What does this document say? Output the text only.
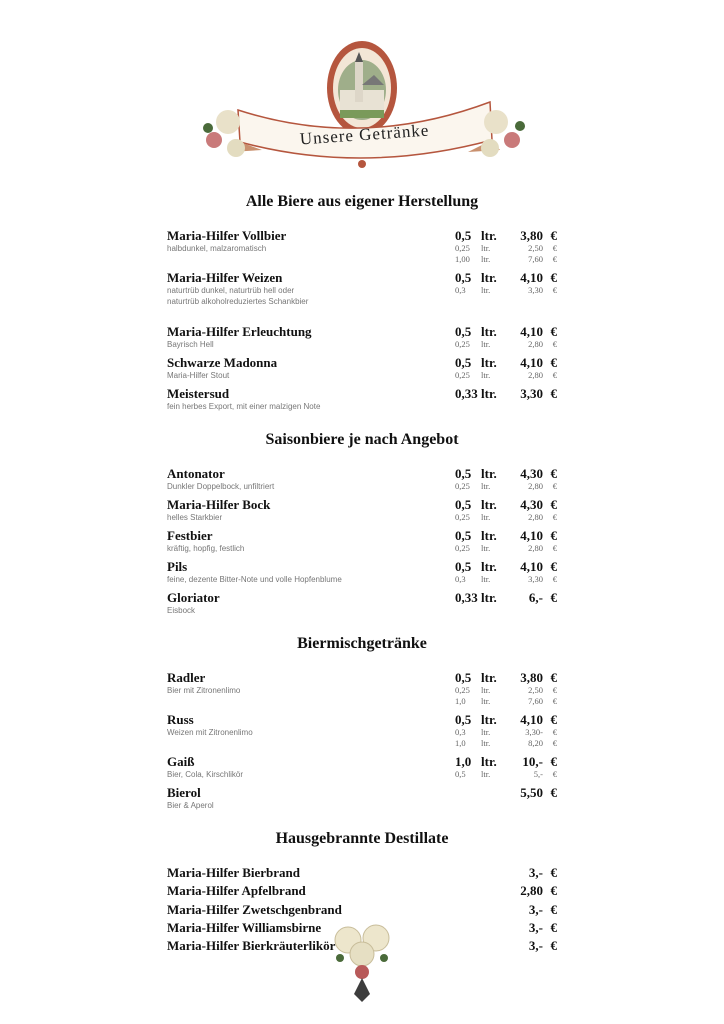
Unsere Getränke
Alle Biere aus eigener Herstellung
Maria-Hilfer Vollbier	0,5 ltr. 3,80 €
halbdunkel, malzaromatisch	0,25 ltr.	2,50 €
1,00 ltr.	7,60 €
Maria-Hilfer Weizen	0,5 ltr. 4,10 €
naturtrüb dunkel, naturtrüb hell oder	0,3 ltr.	3,30 €
naturtrüb alkoholreduziertes Schankbier
Maria-Hilfer Erleuchtung	0,5 ltr. 4,10 €
Bayrisch Hell	0,25 ltr.	2,80 €
Schwarze Madonna	0,5 ltr. 4,10 €
Maria-Hilfer Stout	0,25 ltr.	2,80 €
Meistersud	0,33 ltr. 3,30 €
fein herbes Export, mit einer malzigen Note
Saisonbiere je nach Angebot
Antonator	0,5 ltr. 4,30 €
Dunkler Doppelbock, unfiltriert	0,25 ltr.	2,80 €
Maria-Hilfer Bock	0,5 ltr. 4,30 €
helles Starkbier	0,25 ltr.	2,80 €
Festbier	0,5 ltr. 4,10 €
kräftig, hopfig, festlich	0,25 ltr.	2,80 €
Pils	0,5 ltr. 4,10 €
feine, dezente Bitter-Note und volle Hopfenblume	0,3 ltr.	3,30 €
Gloriator	0,33 ltr. 6,- €
Eisbock
Biermischgetränke
Radler	0,5 ltr. 3,80 €
Bier mit Zitronenlimo	0,25 ltr.	2,50 €
1,0 ltr.	7,60 €
Russ	0,5 ltr. 4,10 €
Weizen mit Zitronenlimo	0,3 ltr.	3,30- €
1,0 ltr.	8,20 €
Gaiß	1,0 ltr. 10,- €
Bier, Cola, Kirschlikör	0,5 ltr.	5,- €
Bierol	5,50 €
Bier & Aperol
Hausgebrannte Destillate
Maria-Hilfer Bierbrand	3,- €
Maria-Hilfer Apfelbrand	2,80 €
Maria-Hilfer Zwetschgenbrand	3,- €
Maria-Hilfer Williamsbirne	3,- €
Maria-Hilfer Bierkräuterlikör	3,- €
